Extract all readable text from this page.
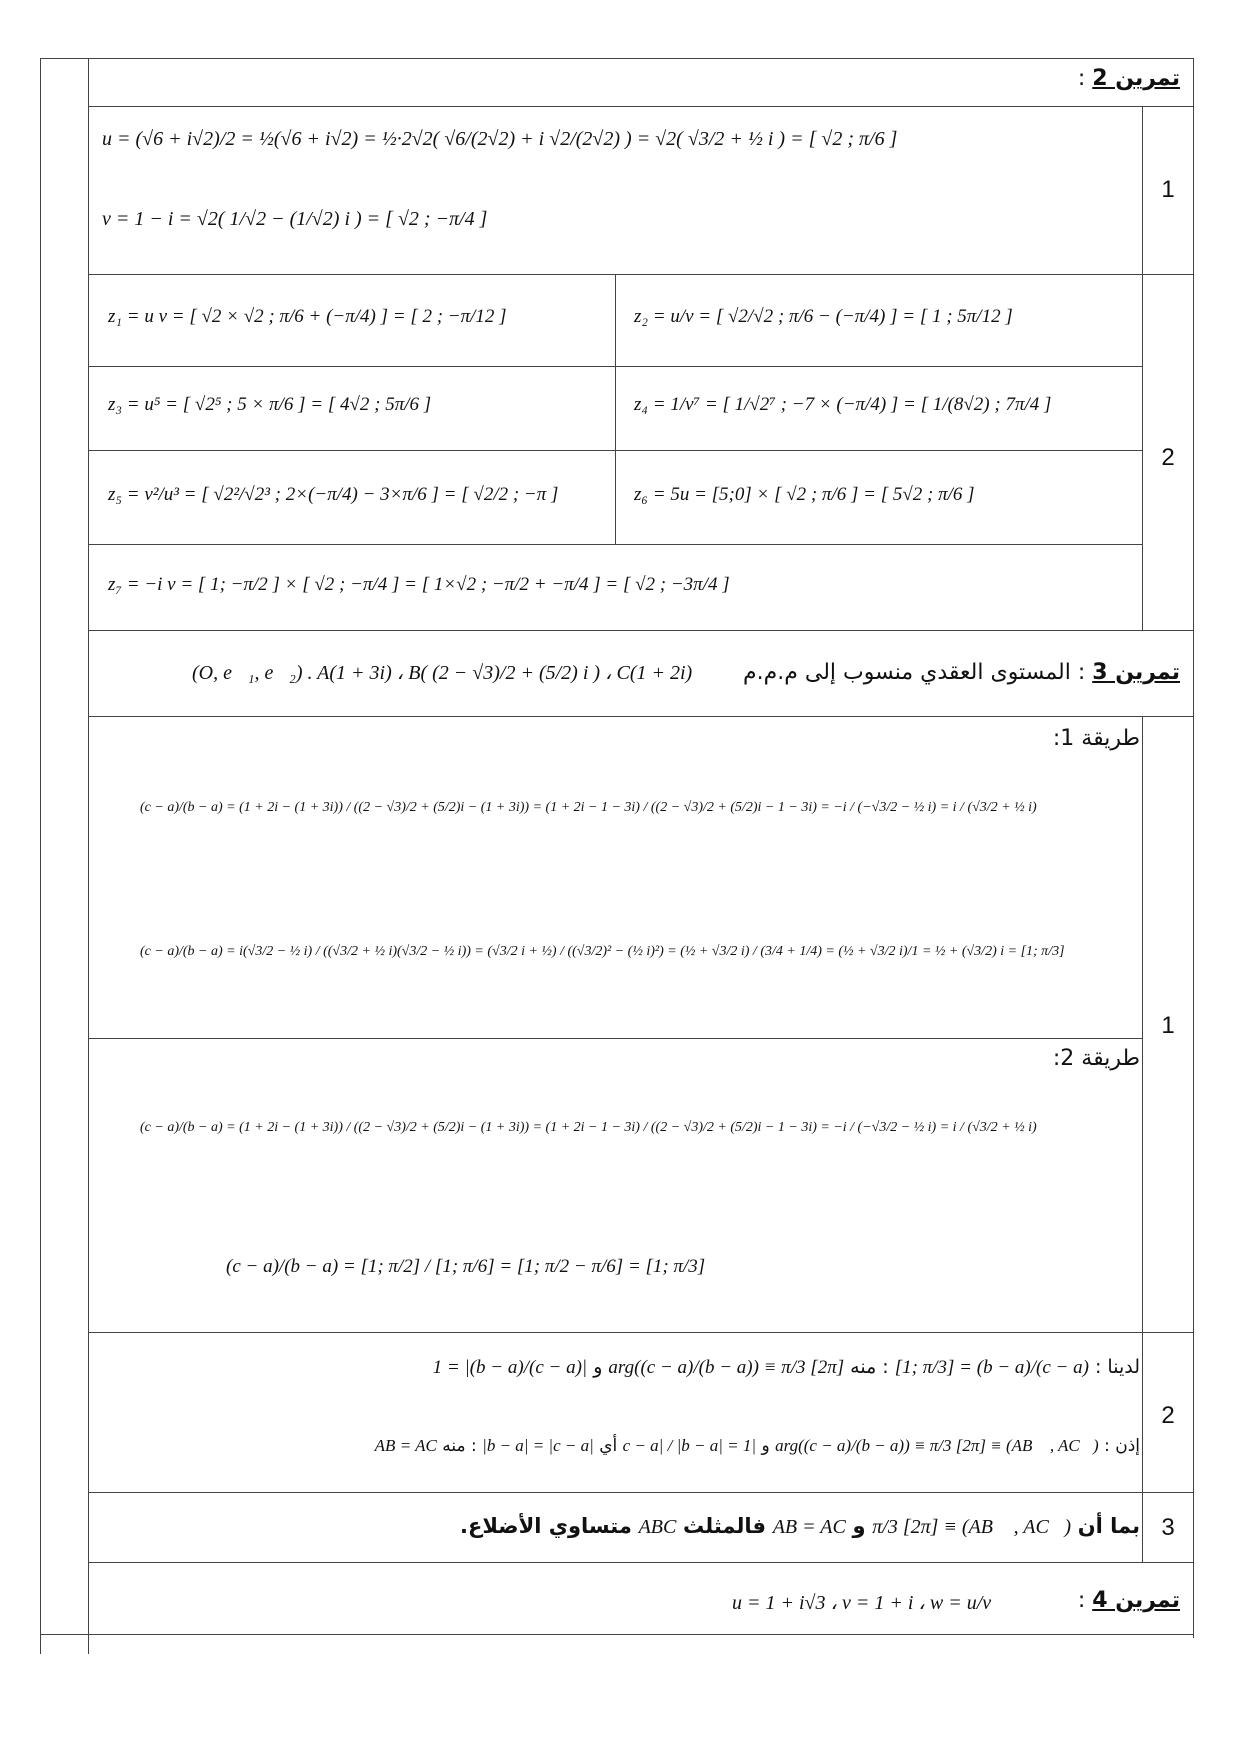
تمرين 2 :
u = (√6 + i√2)/2 = ½(√6 + i√2) = ½·2√2( √6/(2√2) + i √2/(2√2) ) = √2( √3/2 + ½ i ) = [ √2 ; π/6 ]
v = 1 − i = √2( 1/√2 − (1/√2) i ) = [ √2 ; −π/4 ]
1
z₁ = u v = [ √2 × √2 ; π/6 + (−π/4) ] = [ 2 ; −π/12 ]	z₂ = u/v = [ √2/√2 ; π/6 − (−π/4) ] = [ 1 ; 5π/12 ]
z₃ = u⁵ = [ √2⁵ ; 5 × π/6 ] = [ 4√2 ; 5π/6 ]	z₄ = 1/v⁷ = [ 1/√2⁷ ; −7 × (−π/4) ] = [ 1/(8√2) ; 7π/4 ]
z₅ = v²/u³ = [ √2²/√2³ ; 2×(−π/4) − 3×π/6 ] = [ √2/2 ; −π ]	z₆ = 5u = [5;0] × [ √2 ; π/6 ] = [ 5√2 ; π/6 ]
z₇ = −i v = [ 1; −π/2 ] × [ √2 ; −π/4 ] = [ 1×√2 ; −π/2 + −π/4 ] = [ √2 ; −3π/4 ]
2
تمرين 3 : المستوى العقدي منسوب إلى م.م.م
(O, e⃗₁, e⃗₂) . A(1 + 3i) ، B( (2 − √3)/2 + (5/2) i ) ، C(1 + 2i)
طريقة 1:
(c − a)/(b − a) = (1 + 2i − (1 + 3i)) / ((2 − √3)/2 + (5/2)i − (1 + 3i)) = (1 + 2i − 1 − 3i) / ((2 − √3)/2 + (5/2)i − 1 − 3i) = −i / (−√3/2 − ½ i) = i / (√3/2 + ½ i)
(c − a)/(b − a) = i(√3/2 − ½ i) / ((√3/2 + ½ i)(√3/2 − ½ i)) = (√3/2 i + ½) / ((√3/2)² − (½ i)²) = (½ + √3/2 i) / (3/4 + 1/4) = (½ + √3/2 i)/1 = ½ + (√3/2) i = [1; π/3]
طريقة 2:
(c − a)/(b − a) = (1 + 2i − (1 + 3i)) / ((2 − √3)/2 + (5/2)i − (1 + 3i)) = (1 + 2i − 1 − 3i) / ((2 − √3)/2 + (5/2)i − 1 − 3i) = −i / (−√3/2 − ½ i) = i / (√3/2 + ½ i)
(c − a)/(b − a) = [1; π/2] / [1; π/6] = [1; π/2 − π/6] = [1; π/3]
1
لدينا : (c − a)/(b − a) = [1; π/3] : منه arg((c − a)/(b − a)) ≡ π/3 [2π] و |(c − a)/(b − a)| = 1
إذن : (AB⃗ , AC⃗) ≡ arg((c − a)/(b − a)) ≡ π/3 [2π] و |c − a| / |b − a| = 1 أي |b − a| = |c − a| : منه AB = AC
2
بما أن (AB⃗ , AC⃗) ≡ π/3 [2π] و AB = AC فالمثلث ABC متساوي الأضلاع.	3
تمرين 4 :
u = 1 + i√3 ، v = 1 + i ، w = u/v
